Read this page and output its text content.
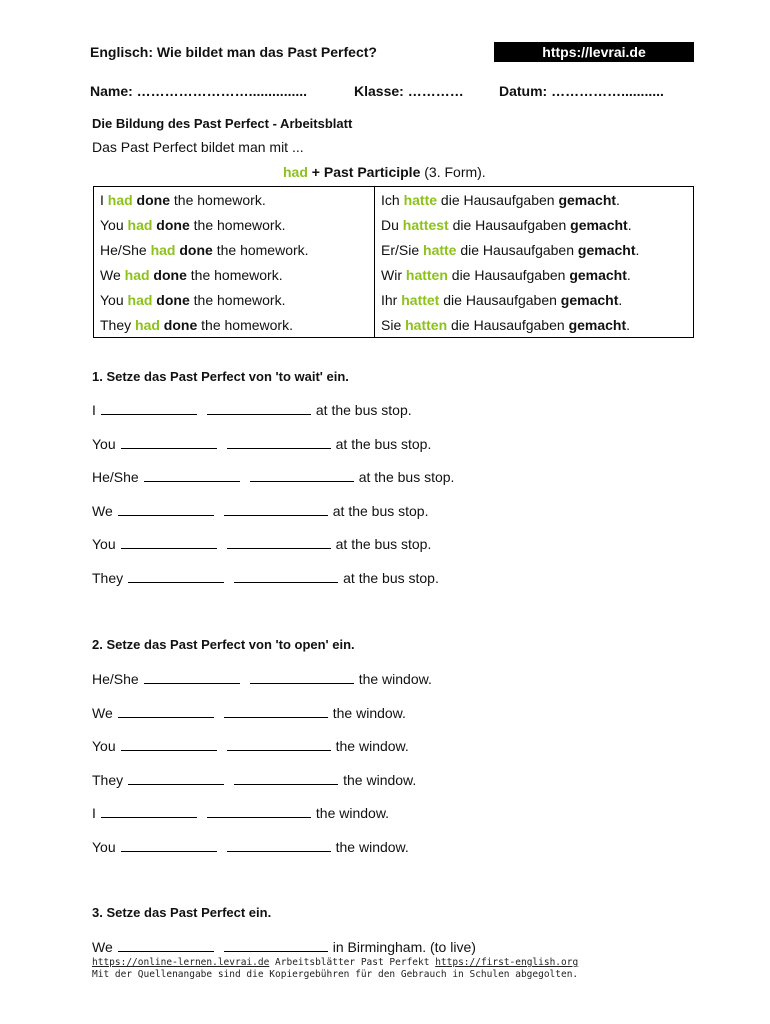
Englisch: Wie bildet man das Past Perfect?	https://levrai.de
Name: ……………………...............	Klasse: …………	Datum: ……………...........
Die Bildung des Past Perfect - Arbeitsblatt
Das Past Perfect bildet man mit ...
had + Past Participle (3. Form).
I had done the homework.	Ich hatte die Hausaufgaben gemacht.
You had done the homework.	Du hattest die Hausaufgaben gemacht.
He/She had done the homework.	Er/Sie hatte die Hausaufgaben gemacht.
We had done the homework.	Wir hatten die Hausaufgaben gemacht.
You had done the homework.	Ihr hattet die Hausaufgaben gemacht.
They had done the homework.	Sie hatten die Hausaufgaben gemacht.
1. Setze das Past Perfect von 'to wait' ein.
I	at the bus stop.
You	at the bus stop.
He/She	at the bus stop.
We	at the bus stop.
You	at the bus stop.
They	at the bus stop.
2. Setze das Past Perfect von 'to open' ein.
He/She	the window.
We	the window.
You	the window.
They	the window.
I	the window.
You	the window.
3. Setze das Past Perfect ein.
We	in Birmingham. (to live)
https://online-lernen.levrai.de Arbeitsblätter Past Perfekt https://first-english.org
Mit der Quellenangabe sind die Kopiergebühren für den Gebrauch in Schulen abgegolten.
